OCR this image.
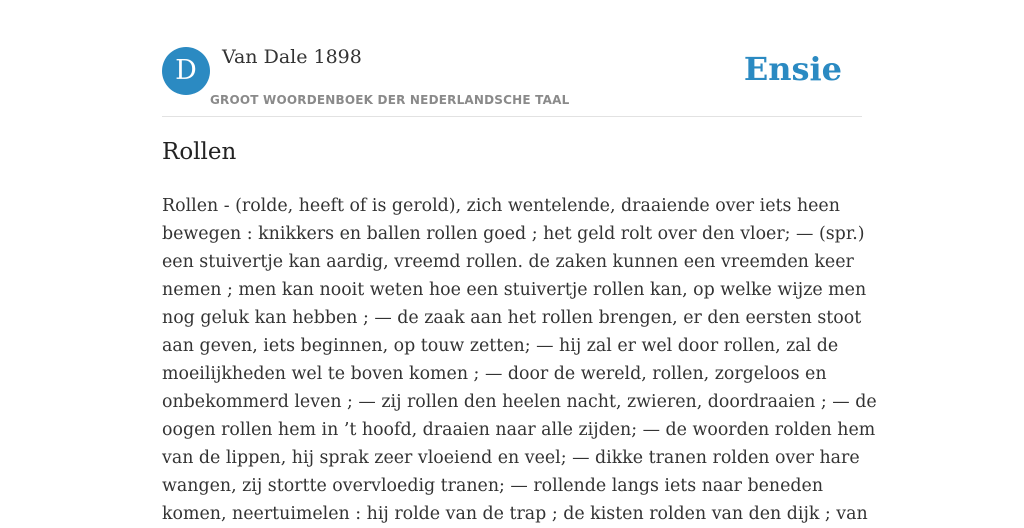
D	Van Dale 1898
GROOT WOORDENBOEK DER NEDERLANDSCHE TAAL
Ensie
Rollen
Rollen - (rolde, heeft of is gerold), zich wentelende, draaiende over iets heen
bewegen : knikkers en ballen rollen goed ; het geld rolt over den vloer; — (spr.)
een stuivertje kan aardig, vreemd rollen. de zaken kunnen een vreemden keer
nemen ; men kan nooit weten hoe een stuivertje rollen kan, op welke wijze men
nog geluk kan hebben ; — de zaak aan het rollen brengen, er den eersten stoot
aan geven, iets beginnen, op touw zetten; — hij zal er wel door rollen, zal de
moeilijkheden wel te boven komen ; — door de wereld, rollen, zorgeloos en
onbekommerd leven ; — zij rollen den heelen nacht, zwieren, doordraaien ; — de
oogen rollen hem in ’t hoofd, draaien naar alle zijden; — de woorden rolden hem
van de lippen, hij sprak zeer vloeiend en veel; — dikke tranen rolden over hare
wangen, zij stortte overvloedig tranen; — rollende langs iets naar beneden
komen, neertuimelen : hij rolde van de trap ; de kisten rolden van den dijk ; van
